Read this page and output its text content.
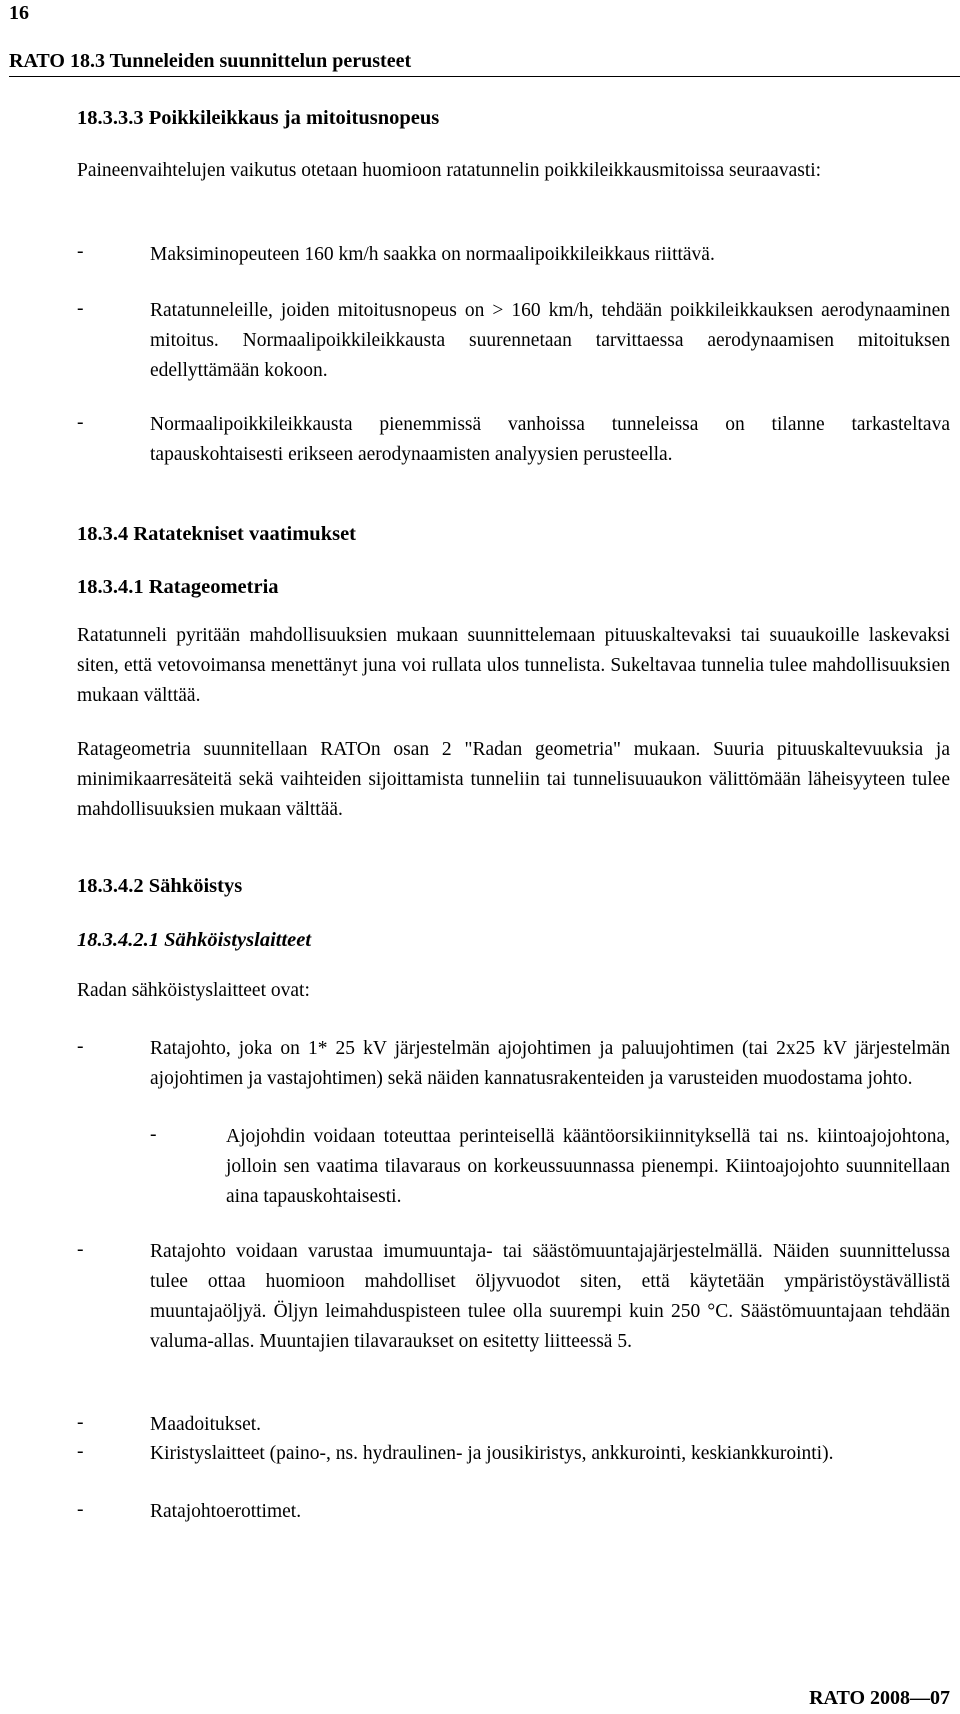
16
RATO 18.3 Tunneleiden suunnittelun perusteet
18.3.3.3 Poikkileikkaus ja mitoitusnopeus
Paineenvaihtelujen vaikutus otetaan huomioon ratatunnelin poikkileikkausmitoissa seuraavasti:
-	Maksiminopeuteen 160 km/h saakka on normaalipoikkileikkaus riittävä.
-	Ratatunneleille, joiden mitoitusnopeus on > 160 km/h, tehdään poikkileikkauksen aerodynaaminen mitoitus. Normaalipoikkileikkausta suurennetaan tarvittaessa aerodynaamisen mitoituksen edellyttämään kokoon.
-	Normaalipoikkileikkausta pienemmissä vanhoissa tunneleissa on tilanne tarkasteltava tapauskohtaisesti erikseen aerodynaamisten analyysien perusteella.
18.3.4 Ratatekniset vaatimukset
18.3.4.1 Ratageometria
Ratatunneli pyritään mahdollisuuksien mukaan suunnittelemaan pituuskaltevaksi tai suuaukoille laskevaksi siten, että vetovoimansa menettänyt juna voi rullata ulos tunnelista. Sukeltavaa tunnelia tulee mahdollisuuksien mukaan välttää.
Ratageometria suunnitellaan RATOn osan 2 "Radan geometria" mukaan. Suuria pituuskaltevuuksia ja minimikaarresäteitä sekä vaihteiden sijoittamista tunneliin tai tunnelisuuaukon välittömään läheisyyteen tulee mahdollisuuksien mukaan välttää.
18.3.4.2 Sähköistys
18.3.4.2.1 Sähköistyslaitteet
Radan sähköistyslaitteet ovat:
-	Ratajohto, joka on 1* 25 kV järjestelmän ajojohtimen ja paluujohtimen (tai 2x25 kV järjestelmän ajojohtimen ja vastajohtimen) sekä näiden kannatusrakenteiden ja varusteiden muodostama johto.
-	Ajojohdin voidaan toteuttaa perinteisellä kääntöorsikiinnityksellä tai ns. kiintoajojohtona, jolloin sen vaatima tilavaraus on korkeussuunnassa pienempi. Kiintoajojohto suunnitellaan aina tapauskohtaisesti.
-	Ratajohto voidaan varustaa imumuuntaja- tai säästömuuntajajärjestelmällä. Näiden suunnittelussa tulee ottaa huomioon mahdolliset öljyvuodot siten, että käytetään ympäristöystävällistä muuntajaöljyä. Öljyn leimahduspisteen tulee olla suurempi kuin 250 °C. Säästömuuntajaan tehdään valuma-allas. Muuntajien tilavaraukset on esitetty liitteessä 5.
-	Maadoitukset.
-	Kiristyslaitteet (paino-, ns. hydraulinen- ja jousikiristys, ankkurointi, keskiankkurointi).
-	Ratajohtoerottimet.
RATO 2008—07
